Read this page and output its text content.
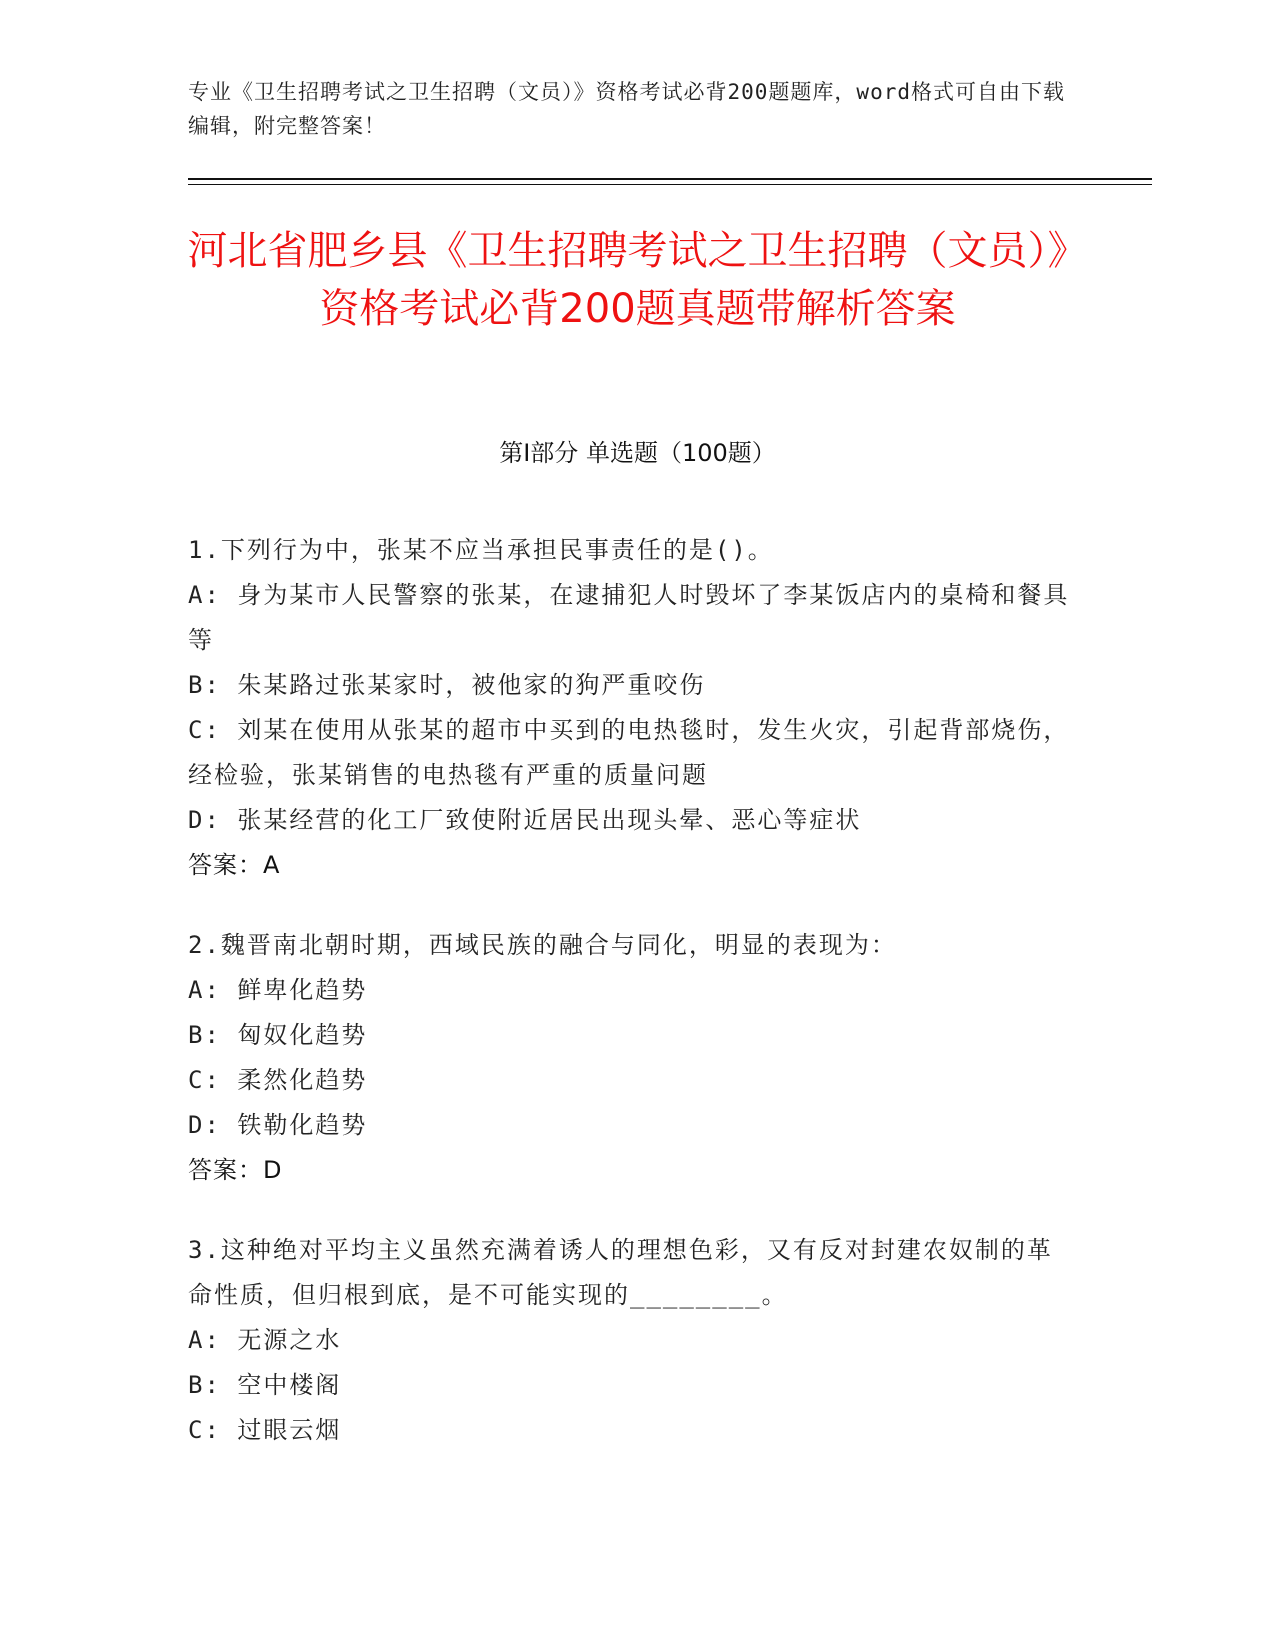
专业《卫生招聘考试之卫生招聘（文员）》资格考试必背200题题库，word格式可自由下载编辑，附完整答案！
河北省肥乡县《卫生招聘考试之卫生招聘（文员）》资格考试必背200题真题带解析答案
第I部分 单选题（100题）

1.下列行为中，张某不应当承担民事责任的是()。

A: 身为某市人民警察的张某，在逮捕犯人时毁坏了李某饭店内的桌椅和餐具等

B: 朱某路过张某家时，被他家的狗严重咬伤

C: 刘某在使用从张某的超市中买到的电热毯时，发生火灾，引起背部烧伤，经检验，张某销售的电热毯有严重的质量问题

D: 张某经营的化工厂致使附近居民出现头晕、恶心等症状

答案：A

2.魏晋南北朝时期，西域民族的融合与同化，明显的表现为：

A: 鲜卑化趋势

B: 匈奴化趋势

C: 柔然化趋势

D: 铁勒化趋势

答案：D

3.这种绝对平均主义虽然充满着诱人的理想色彩，又有反对封建农奴制的革命性质，但归根到底，是不可能实现的________。

A: 无源之水

B: 空中楼阁

C: 过眼云烟
